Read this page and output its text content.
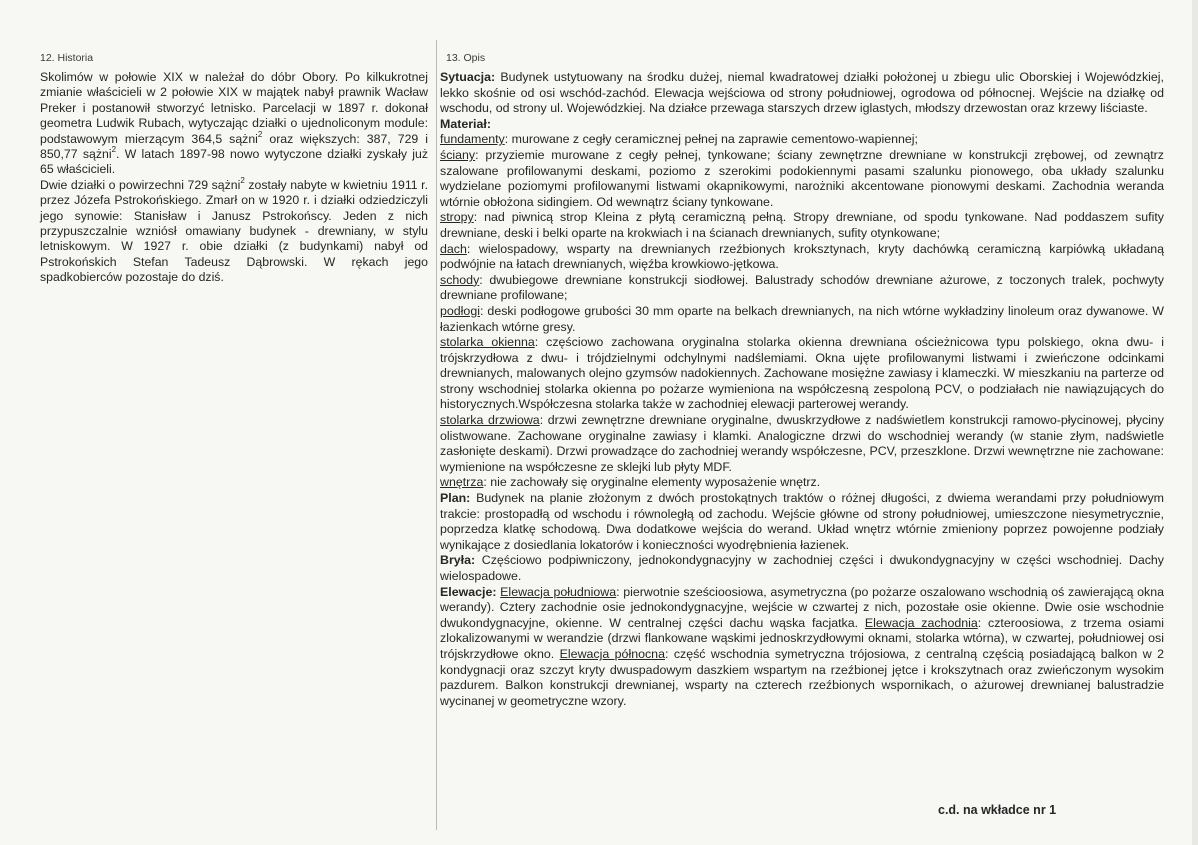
12. Historia

Skolimów w połowie XIX w należał do dóbr Obory. Po kilkukrotnej zmianie właścicieli w 2 połowie XIX w majątek nabył prawnik Wacław Preker i postanowił stworzyć letnisko. Parcelacji w 1897 r. dokonał geometra Ludwik Rubach, wytyczając działki o ujednoliconym module: podstawowym mierzącym 364,5 sążni$^2$ oraz większych: 387, 729 i 850,77 sążni$^2$. W latach 1897-98 nowo wytyczone działki zyskały już 65 właścicieli.

Dwie działki o powirzechni 729 sążni$^2$ zostały nabyte w kwietniu 1911 r. przez Józefa Pstrokońskiego. Zmarł on w 1920 r. i działki odziedziczyli jego synowie: Stanisław i Janusz Pstrokońscy. Jeden z nich przypuszczalnie wzniósł omawiany budynek - drewniany, w stylu letniskowym. W 1927 r. obie działki (z budynkami) nabył od Pstrokońskich Stefan Tadeusz Dąbrowski. W rękach jego spadkobierców pozostaje do dziś.

13. Opis

Sytuacja: Budynek ustytuowany na środku dużej, niemal kwadratowej działki położonej u zbiegu ulic Oborskiej i Wojewódzkiej, lekko skośnie od osi wschód-zachód. Elewacja wejściowa od strony południowej, ogrodowa od północnej. Wejście na działkę od wschodu, od strony ul. Wojewódzkiej. Na działce przewaga starszych drzew iglastych, młodszy drzewostan oraz krzewy liściaste.

Materiał:

fundamenty: murowane z cegły ceramicznej pełnej na zaprawie cementowo-wapiennej;

ściany: przyziemie murowane z cegły pełnej, tynkowane; ściany zewnętrzne drewniane w konstrukcji zrębowej, od zewnątrz szalowane profilowanymi deskami, poziomo z szerokimi podokiennymi pasami szalunku pionowego, oba układy szalunku wydzielane poziomymi profilowanymi listwami okapnikowymi, narożniki akcentowane pionowymi deskami. Zachodnia weranda wtórnie obłożona sidingiem. Od wewnątrz ściany tynkowane.

stropy: nad piwnicą strop Kleina z płytą ceramiczną pełną. Stropy drewniane, od spodu tynkowane. Nad poddaszem sufity drewniane, deski i belki oparte na krokwiach i na ścianach drewnianych, sufity otynkowane;

dach: wielospadowy, wsparty na drewnianych rzeźbionych kroksztynach, kryty dachówką ceramiczną karpiówką układaną podwójnie na łatach drewnianych, więźba krowkiowo-jętkowa.

schody: dwubiegowe drewniane konstrukcji siodłowej. Balustrady schodów drewniane ażurowe, z toczonych tralek, pochwyty drewniane profilowane;

podłogi: deski podłogowe grubości 30 mm oparte na belkach drewnianych, na nich wtórne wykładziny linoleum oraz dywanowe. W łazienkach wtórne gresy.

stolarka okienna: częściowo zachowana oryginalna stolarka okienna drewniana ościeżnicowa typu polskiego, okna dwu- i trójskrzydłowa z dwu- i trójdzielnymi odchylnymi nadślemiami. Okna ujęte profilowanymi listwami i zwieńczone odcinkami drewnianych, malowanych olejno gzymsów nadokiennych. Zachowane mosiężne zawiasy i klameczki. W mieszkaniu na parterze od strony wschodniej stolarka okienna po pożarze wymieniona na współczesną zespoloną PCV, o podziałach nie nawiązujących do historycznych.Współczesna stolarka także w zachodniej elewacji parterowej werandy.

stolarka drzwiowa: drzwi zewnętrzne drewniane oryginalne, dwuskrzydłowe z nadświetlem konstrukcji ramowo-płycinowej, płyciny olistwowane. Zachowane oryginalne zawiasy i klamki. Analogiczne drzwi do wschodniej werandy (w stanie złym, nadświetle zasłonięte deskami). Drzwi prowadzące do zachodniej werandy współczesne, PCV, przeszklone. Drzwi wewnętrzne nie zachowane: wymienione na współczesne ze sklejki lub płyty MDF.

wnętrza: nie zachowały się oryginalne elementy wyposażenie wnętrz.

Plan: Budynek na planie złożonym z dwóch prostokątnych traktów o różnej długości, z dwiema werandami przy południowym trakcie: prostopadłą od wschodu i równoległą od zachodu. Wejście główne od strony południowej, umieszczone niesymetrycznie, poprzedza klatkę schodową. Dwa dodatkowe wejścia do werand. Układ wnętrz wtórnie zmieniony poprzez powojenne podziały wynikające z dosiedlania lokatorów i konieczności wyodrębnienia łazienek.

Bryła: Częściowo podpiwniczony, jednokondygnacyjny w zachodniej części i dwukondygnacyjny w części wschodniej. Dachy wielospadowe.

Elewacje: Elewacja południowa: pierwotnie sześcioosiowa, asymetryczna (po pożarze oszalowano wschodnią oś zawierającą okna werandy). Cztery zachodnie osie jednokondygnacyjne, wejście w czwartej z nich, pozostałe osie okienne. Dwie osie wschodnie dwukondygnacyjne, okienne. W centralnej części dachu wąska facjatka. Elewacja zachodnia: czteroosiowa, z trzema osiami zlokalizowanymi w werandzie (drzwi flankowane wąskimi jednoskrzydłowymi oknami, stolarka wtórna), w czwartej, południowej osi trójskrzydłowe okno. Elewacja północna: część wschodnia symetryczna trójosiowa, z centralną częścią posiadającą balkon w 2 kondygnacji oraz szczyt kryty dwuspadowym daszkiem wspartym na rzeźbionej jętce i krokszytnach oraz zwieńczonym wysokim pazdurem. Balkon konstrukcji drewnianej, wsparty na czterech rzeźbionych wspornikach, o ażurowej drewnianej balustradzie wycinanej w geometryczne wzory.

c.d. na wkładce nr 1
